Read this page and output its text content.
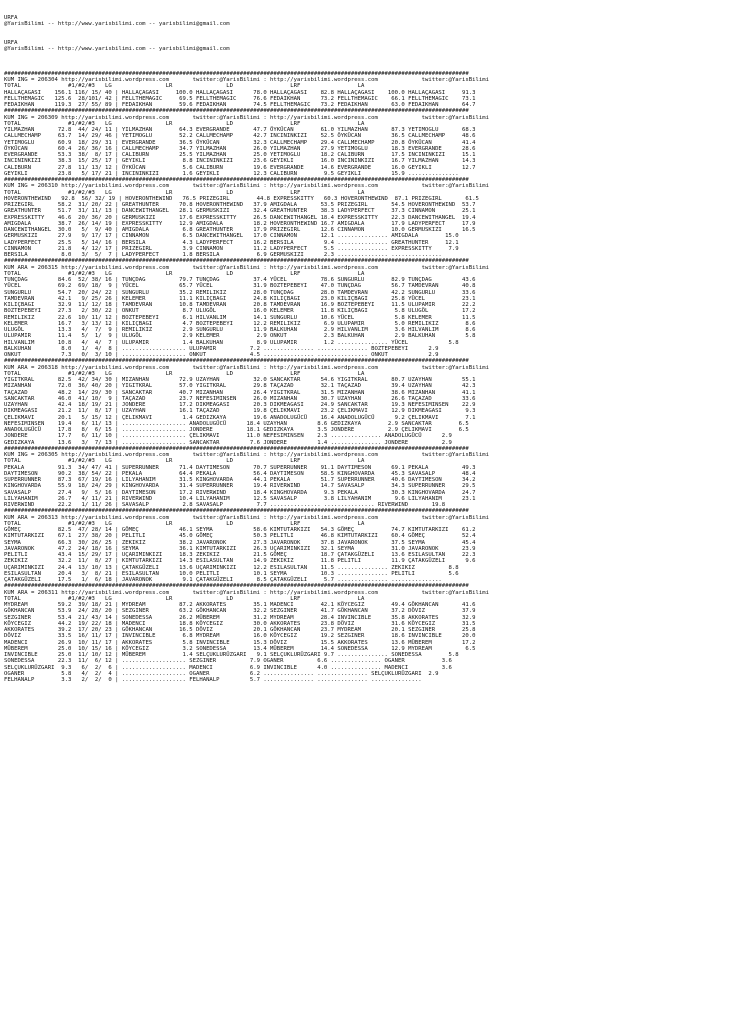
URFA
@YarisBilimi -- http://www.yarisbilimi.com -- yarisbilimi@gmail.com
URFA
@YarisBilimi -- http://www.yarisbilimi.com -- yarisbilimi@gmail.com

##########################################################################################################################################
KUM ING = 206304 http://yarisbilimi.wordpress.com       twitter:@YarisBilimi : http://yarisbilimi.wordpress.com             twitter:@YarisBilimi
TOTAL              #1/#2/#3   LG                LR                LD                 LRF                 LA
HALLAÇAGASI    156.1 116/ 15/ 40 | HALLAÇAGASI     100.0 HALLAÇAGASI      78.0 HALLAÇAGASI    82.8 HALLAÇAGASI    100.0 HALLAÇAGASI     91.3
FELLTHEMAGIC   125.6  28/101/ 42 | FELLTHEMAGIC     69.5 FELLTHEMAGIC     76.6 FEDAIKHAN      73.2 FELLTHEMAGIC    66.1 FELLTHEMAGIC    73.1
FEDAIKHAN      119.3  27/ 55/ 89 | FEDAIKHAN        59.6 FEDAIKHAN        74.5 FELLTHEMAGIC   73.2 FEDAIKHAN       63.0 FEDAIKHAN       64.7
##########################################################################################################################################
KUM ING = 206309 http://yarisbilimi.wordpress.com       twitter:@YarisBilimi : http://yarisbilimi.wordpress.com             twitter:@YarisBilimi
TOTAL              #1/#2/#3   LG                LR                LD                 LRF                 LA
YILMAZHAN       72.8  44/ 24/ 11 | YILMAZHAN        64.3 EVERGRANDE       47.7 ÖYKÜCAN        61.0 YILMAZHAN       87.3 YETIMOGLU       68.3
CALLMECHAMP     63.7  14/ 29/ 46 | YETIMOGLU        52.2 CALLMECHAMP      42.7 INCININKIZI    52.5 ÖYKÜCAN         36.5 CALLMECHAMP     48.6
YETIMOGLU       60.9  18/ 29/ 31 | EVERGRANDE       36.5 ÖYKÜCAN          32.3 CALLMECHAMP    29.4 CALLMECHAMP     20.8 ÖYKÜCAN         41.4
ÖYKÜCAN         60.4  26/ 36/ 16 | CALLMECHAMP      34.7 YILMAZHAN        26.0 YILMAZHAN      27.9 YETIMOGLU       18.3 EVERGRANDE      28.6
EVERGRANDE      53.3  38/  8/ 17 | CALIBURN         25.5 YILMAZHAN        25.0 YETIMOGLU      18.2 CALIBURN        17.5 INCININKIZI     15.1
INCININKIZI     38.3  15/ 25/ 17 | GEYIKLI           8.8 INCININKIZI      23.6 GEYIKLI        16.0 INCININKIZI     16.7 YILMAZHAN       14.3
CALIBURN        27.8  11/ 13/ 12 | ÖYKÜCAN           5.6 CALIBURN         19.6 EVERGRANDE     14.6 EVERGRANDE      16.0 GEYIKLI         12.7
GEYIKLI         23.8   5/ 17/ 21 | INCININKIZI       1.6 GEYIKLI          12.3 CALIBURN        9.5 GEYIKLI         15.9 ...............
##########################################################################################################################################
KUM ING = 206310 http://yarisbilimi.wordpress.com       twitter:@YarisBilimi : http://yarisbilimi.wordpress.com             twitter:@YarisBilimi
TOTAL              #1/#2/#3   LG                LR                LD                 LRF                 LA
HOVERONTHEWIND   92.8  56/ 32/ 19 | HOVERONTHEWIND   76.5 PRIZEGIRL        44.8 EXPRESSKITTY   60.3 HOVERONTHEWIND  87.1 PRIZEGIRL       61.5
PRIZEGIRL       58.2  31/ 20/ 22 | GREATHUNTER      70.8 HOVERONTHEWIND   37.9 AMIGDALA       53.5 PRIZEGIRL       54.5 HOVERONTHEWIND  53.7
GREATHUNTER     51.7  31/ 11/ 13 | DANCEWITHANGEL   28.1 GERMUSKIZI       32.4 GREATHUNTER    38.3 LADYPERFECT     37.3 CINNAMON        25.1
EXPRESSKITTY    46.6  20/ 36/ 20 | GERMUSKIZI       17.6 EXPRESSKITTY     26.5 DANCEWITHANGEL 18.4 EXPRESSKITTY    22.3 DANCEWITHANGEL  19.4
AMIGDALA        38.7  26/ 14/ 19 | EXPRESSKITTY     12.9 AMIGDALA         18.2 HOVERONTHEWIND 16.7 AMIGDALA        17.9 LADYPERFECT     17.9
DANCEWITHANGEL  30.0   5/  9/ 40 | AMIGDALA          6.8 GREATHUNTER      17.9 PRIZEGIRL      12.6 CINNAMON        10.0 GERMUSKIZI      16.5
GERMUSKIZI      27.9   9/ 17/ 17 | CINNAMON          6.5 DANCEWITHANGEL   17.0 CINNAMON       12.1 ............... AMIGDALA        15.0
LADYPERFECT     25.5   5/ 14/ 16 | BERSILA           4.3 LADYPERFECT      16.2 BERSILA         9.4 ............... GREATHUNTER     12.1
CINNAMON        21.8   4/ 12/ 17 | PRIZEGIRL         3.9 CINNAMON         11.2 LADYPERFECT     5.5 ............... EXPRESSKITTY     7.9
BERSILA          8.0   3/  5/  7 | LADYPERFECT       1.8 BERSILA           6.9 GERMUSKIZI      2.3 ............... ...............
##########################################################################################################################################
KUM ARA = 206315 http://yarisbilimi.wordpress.com       twitter:@YarisBilimi : http://yarisbilimi.wordpress.com             twitter:@YarisBilimi
TOTAL              #1/#2/#3   LG                LR                LD                 LRF                 LA
TUNÇDAG         84.6  52/ 38/ 16 | TUNÇDAG          79.7 TUNÇDAG          37.4 YÜCEL          78.6 SUNGURLU        82.9 TUNÇDAG         43.6
YÜCEL           69.2  69/ 18/  9 | YÜCEL            65.7 YÜCEL            31.9 BOZTEPEBEYI    47.0 TUNÇDAG         56.7 TAMDEVRAN       40.8
SUNGURLU        54.7  20/ 24/ 22 | SUNGURLU         35.2 REMILIKIZ        28.0 TUNÇDAG        28.0 TAMDEVRAN       42.2 SUNGURLU        33.6
TAMDEVRAN       42.1   9/ 25/ 26 | KELEMER          11.1 KILIÇBAGI        24.8 KILIÇBAGI      23.0 KILIÇBAGI       25.8 YÜCEL           23.1
KILIÇBAGI       32.9  11/ 12/ 18 | TAMDEVRAN        10.8 TAMDEVRAN        20.8 TAMDEVRAN      16.9 BOZTEPEBEYI     11.5 ULUPAMIR        22.2
BOZTEPEBEYI     27.3   2/ 30/ 22 | ONKUT             8.7 ULUGÖL           16.0 KELEMER        11.8 KILIÇBAGI        5.8 ULUGÖL          17.2
REMILIKIZ       22.6  10/ 11/ 12 | BOZTEPEBEYI       6.1 HILVANLIM        14.1 SUNGURLU       10.6 YÜCEL            5.8 KELEMER         11.5
KELEMER         16.7   3/ 13/ 12 | KILIÇBAGI         4.7 BOZTEPEBEYI      12.2 REMILIKIZ       6.9 ULUPAMIR         5.0 REMILIKIZ        8.6
ULUGÖL          13.3   4/  7/  9 | REMILIKIZ         2.9 SUNGURLU         11.9 BALKUHAN        2.9 HILVANLIM        3.6 HILVANLIM        8.6
ULUPAMIR        11.4   5/  1/  9 | ULUGÖL            2.9 KELEMER           2.9 ONKUT           2.3 BALKUHAN         2.9 BALKUHAN         5.8
HILVANLIM       10.8   4/  4/  7 | ULUPAMIR          1.4 BALKUHAN          8.9 ULUPAMIR        1.2 ............... YÜCEL            5.8
BALKUHAN         8.0   1/  4/  8 | ................... ULUPAMIR          7.2 ............... ............... BOZTEPEBEYI      2.9
ONKUT            7.3   0/  3/ 10 | ................... ONKUT             4.5 ............... ............... ONKUT            2.9
##########################################################################################################################################
KUM ARA = 206318 http://yarisbilimi.wordpress.com       twitter:@YarisBilimi : http://yarisbilimi.wordpress.com             twitter:@YarisBilimi
TOTAL              #1/#2/#3   LG                LR                LD                 LRF                 LA
YIGITKRAL       82.5  42/ 34/ 30 | MIZANHAN         72.9 UZAYHAN          32.0 SANCAKTAR      54.6 YIGITKRAL       80.7 UZAYHAN         55.1
MIZANHAN        72.0  36/ 40/ 20 | YIGITKRAL        57.0 YIGITKRAL        29.8 TAÇAZAD        32.1 TAÇAZAD         39.4 UZAYHAN         42.3
TAÇAZAD         48.2  14/ 29/ 30 | SANCAKTAR        40.7 MIZANHAN         26.4 YIGITKRAL      31.5 MIZANHAN        38.6 MIZANHAN        41.1
SANCAKTAR       46.0  41/ 10/  9 | TAÇAZAD          23.7 NEFESIMINSEN     26.0 MIZANHAN       30.7 UZAYHAN         26.6 TAÇAZAD         33.6
UZAYHAN         42.4  18/ 19/ 21 | JONDERE          17.2 DIKMEAGASI       20.3 DIKMEAGASI     24.9 SANCAKTAR       19.3 NEFESIMINSEN    22.9
DIKMEAGASI      21.2  11/  8/ 17 | UZAYHAN          16.1 TAÇAZAD          19.8 ÇELIKMAVI      23.2 ÇELIKMAVI       12.9 DIKMEAGASI       9.3
ÇELIKMAVI       20.1   5/ 15/ 12 | ÇELIKMAVI         1.4 GEDIZKAYA        19.6 ANADOLUGÜCÜ    16.4 ANADOLUGÜCÜ      9.2 ÇELIKMAVI        7.1
NEFESIMINSEN    19.4   6/ 11/ 13 | ................... ANADOLUGÜCÜ      18.4 UZAYHAN         8.6 GEDIZKAYA        2.9 SANCAKTAR        6.5
ANADOLUGÜCÜ     17.8   8/  6/ 15 | ................... JONDERE          18.1 GEDIZKAYA       3.5 JONDERE          2.9 ÇELIKMAVI        6.5
JONDERE         17.7   6/ 11/ 10 | ................... ÇELIKMAVI        11.0 NEFESIMINSEN    2.3 ............... ANADOLUGÜCÜ      2.9
GEDIZKAYA       13.6   3/  7/ 13 | ................... SANCAKTAR         7.6 JONDERE         1.4 ............... JONDERE          2.9
##########################################################################################################################################
KUM ING = 206305 http://yarisbilimi.wordpress.com       twitter:@YarisBilimi : http://yarisbilimi.wordpress.com             twitter:@YarisBilimi
TOTAL              #1/#2/#3   LG                LR                LD                 LRF                 LA
PEKALA          91.3  34/ 47/ 41 | SUPERRUNNER      71.4 DAYTIMESON       70.7 SUPERRUNNER    91.1 DAYTIMESON      69.1 PEKALA          49.3
DAYTIMESON      90.2  38/ 54/ 22 | PEKALA           64.4 PEKALA           56.4 DAYTIMESON     58.5 KINGHOVARDA     45.3 SAVASALP        48.4
SUPERRUNNER     87.3  67/ 19/ 16 | LILYAHANIM       31.5 KINGHOVARDA      44.1 PEKALA         51.7 SUPERRUNNER     40.6 DAYTIMESON      34.2
KINGHOVARDA     55.9  18/ 24/ 29 | KINGHOVARDA      31.4 SUPERRUNNER      19.4 RIVERWIND      14.7 SAVASALP        34.3 SUPERRUNNER     29.5
SAVASALP        27.4   9/  5/ 16 | DAYTIMESON       17.2 RIVERWIND        18.4 KINGHOVARDA     9.3 PEKALA          30.3 KINGHOVARDA     24.7
LILYAHANIM      26.7   4/ 11/ 21 | RIVERWIND        10.4 LILYAHANIM       12.5 SAVASALP        3.8 LILYAHANIM       9.6 LILYAHANIM      23.1
RIVERWIND       22.2   1/ 11/ 26 | SAVASALP          2.8 SAVASALP          7.7 ............... ............... RIVERWIND       19.8
##########################################################################################################################################
KUM ARA = 206313 http://yarisbilimi.wordpress.com       twitter:@YarisBilimi : http://yarisbilimi.wordpress.com             twitter:@YarisBilimi
TOTAL              #1/#2/#3   LG                LR                LD                 LRF                 LA
GÖMEÇ           82.5  47/ 28/ 14 | GÖMEÇ            46.1 SEYMA            58.6 KIMTUTARKIZI   54.3 GÖMEÇ           74.7 KIMTUTARKIZI    61.2
KIMTUTARKIZI    67.1  27/ 38/ 20 | PELITLI          45.0 GÖMEÇ            50.3 PELITLI        46.8 KIMTUTARKIZI    60.4 GÖMEÇ           52.4
SEYMA           66.3  30/ 26/ 25 | ZEKIKIZ          38.2 JAVARONOK        27.3 JAVARONOK      37.8 JAVARONOK       37.5 SEYMA           45.4
JAVARONOK       47.2  24/ 18/ 16 | SEYMA            36.1 KIMTUTARKIZI     26.3 UÇARIMINKIZI   32.1 SEYMA           31.0 JAVARONOK       23.9
PELITLI         43.4  15/ 29/ 17 | UÇARIMINKIZI     18.3 ZEKIKIZ          21.5 GÖMEÇ          18.7 ÇATAKGÜZELI     13.6 ESILASULTAN     22.3
ZEKIKIZ         32.2  11/  8/ 27 | KIMTUTARKIZI     14.3 ESILASULTAN      14.9 ZEKIKIZ        11.8 PELITLI         11.9 ÇATAKGÜZELI      9.6
UÇARIMINKIZI    24.4  13/ 10/ 13 | ÇATAKGÜZELI      13.6 UÇARIMINKIZI     12.2 ESILASULTAN    11.5 ............... ZEKIKIZ          8.8
ESILASULTAN     20.4   3/  8/ 21 | ESILASULTAN      10.0 PELITLI          10.1 SEYMA          10.3 ............... PELITLI          5.6
ÇATAKGÜZELI     17.5   1/  6/ 18 | JAVARONOK         9.1 ÇATAKGÜZELI       8.5 ÇATAKGÜZELI     5.7 ............... ...............
##########################################################################################################################################
KUM ARA = 206311 http://yarisbilimi.wordpress.com       twitter:@YarisBilimi : http://yarisbilimi.wordpress.com             twitter:@YarisBilimi
TOTAL              #1/#2/#3   LG                LR                LD                 LRF                 LA
MYDREAM         59.2  39/ 18/ 21 | MYDREAM          87.2 AKKORATES        35.1 MADENCI        42.1 KÖYCEGIZ        49.4 GÖKHANCAN       41.6
GÖKHANCAN       53.9  24/ 28/ 20 | SEZGINER         63.2 GÖKHANCAN        32.2 SEZGINER       41.7 GÖKHANCAN       37.2 DÖVIZ           37.9
SEZGINER        53.4  21/ 43/ 14 | SONEDESSA        26.2 MÜBEREM          31.2 MYDREAM        28.4 INVINCIBLE      35.8 AKKORATES       32.9
KÖYCEGIZ        44.2  19/ 22/ 18 | MADENCI          18.8 KÖYCEGIZ         30.0 AKKORATES      23.8 DÖVIZ           31.6 KÖYCEGIZ        31.5
AKKORATES       39.2  17/ 20/ 23 | GÖKHANCAN        16.5 DÖVIZ            20.1 GÖKHANCAN      23.7 MYDREAM         20.1 SEZGINER        25.8
DÖVIZ           33.5  16/ 11/ 17 | INVINCIBLE        6.8 MYDREAM          16.0 KÖYCEGIZ       19.2 SEZGINER        18.6 INVINCIBLE      20.0
MADENCI         26.9  10/ 11/ 17 | AKKORATES         5.8 INVINCIBLE       15.3 DÖVIZ          15.5 AKKORATES       13.6 MÜBEREM         17.2
MÜBEREM         25.0  10/ 15/ 16 | KÖYCEGIZ          3.2 SONEDESSA        13.4 MÜBEREM        14.4 SONEDESSA       12.9 MYDREAM          6.5
INVINCIBLE      25.0  11/ 10/ 12 | MÜBEREM           1.4 SELÇUKLURÜZGARI   9.1 SELÇUKLURÜZGARI 9.7 ............... SONEDESSA        5.8
SONEDESSA       22.3  11/  6/ 12 | ................... SEZGINER          7.9 OGANER          6.6 ............... OGANER           3.6
SELÇUKLURÜZGARI  9.3   6/  2/  6 | ................... MADENCI           6.9 INVINCIBLE      4.0 ............... MADENCI          3.6
OGANER           5.8   4/  2/  4 | ................... OGANER            6.2 ............... ............... SELÇUKLURÜZGARI  2.9
FELHANALP        3.3   2/  2/  0 | ................... FELHANALP         5.7 ............... ............... ...............
